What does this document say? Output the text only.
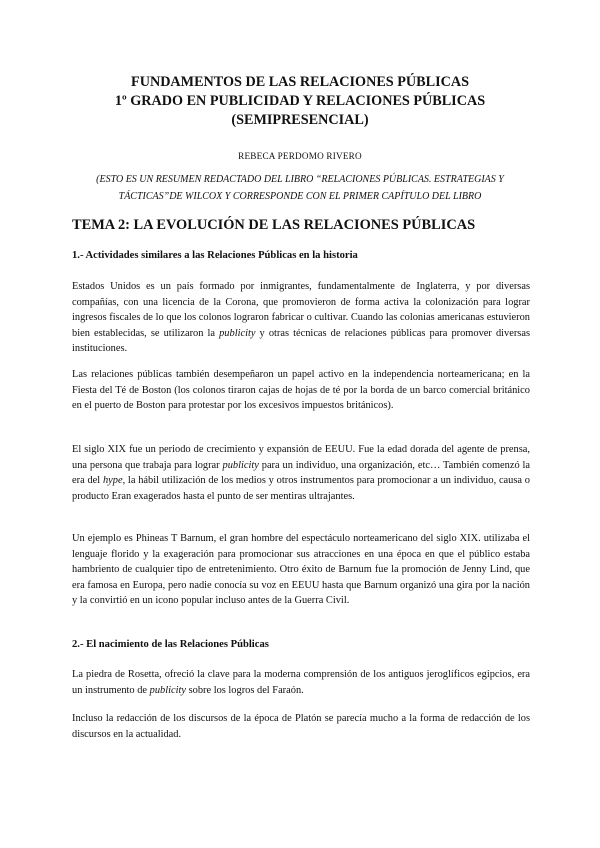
FUNDAMENTOS DE LAS RELACIONES PÚBLICAS
1º GRADO EN PUBLICIDAD Y RELACIONES PÚBLICAS
(SEMIPRESENCIAL)
REBECA PERDOMO RIVERO
(ESTO ES UN RESUMEN REDACTADO DEL LIBRO “RELACIONES PÚBLICAS. ESTRATEGIAS Y TÁCTICAS”DE WILCOX Y CORRESPONDE CON EL PRIMER CAPÍTULO DEL LIBRO
TEMA 2: LA EVOLUCIÓN DE LAS RELACIONES PÚBLICAS
1.- Actividades similares a las Relaciones Públicas en la historia

Estados Unidos es un país formado por inmigrantes, fundamentalmente de Inglaterra, y por diversas compañías, con una licencia de la Corona, que promovieron de forma activa la colonización para lograr ingresos fiscales de lo que los colonos lograron fabricar o cultivar. Cuando las colonias americanas estuvieron bien establecidas, se utilizaron la publicity y otras técnicas de relaciones públicas para promover diversas instituciones.

Las relaciones públicas también desempeñaron un papel activo en la independencia norteamericana; en la Fiesta del Té de Boston (los colonos tiraron cajas de hojas de té por la borda de un barco comercial británico en el puerto de Boston para protestar por los excesivos impuestos británicos).

El siglo XIX fue un periodo de crecimiento y expansión de EEUU. Fue la edad dorada del agente de prensa, una persona que trabaja para lograr publicity para un individuo, una organización, etc… También comenzó la era del hype, la hábil utilización de los medios y otros instrumentos para promocionar a un individuo, causa o producto Eran exagerados hasta el punto de ser mentiras ultrajantes.

Un ejemplo es Phineas T Barnum, el gran hombre del espectáculo norteamericano del siglo XIX. utilizaba el lenguaje florido y la exageración para promocionar sus atracciones en una época en que el público estaba hambriento de cualquier tipo de entretenimiento. Otro éxito de Barnum fue la promoción de Jenny Lind, que era famosa en Europa, pero nadie conocía su voz en EEUU hasta que Barnum organizó una gira por la nación y la convirtió en un icono popular incluso antes de la Guerra Civil.

2.- El nacimiento de las Relaciones Públicas

La piedra de Rosetta, ofreció la clave para la moderna comprensión de los antiguos jeroglíficos egipcios, era un instrumento de publicity sobre los logros del Faraón.

Incluso la redacción de los discursos de la época de Platón se parecía mucho a la forma de redacción de los discursos en la actualidad.
